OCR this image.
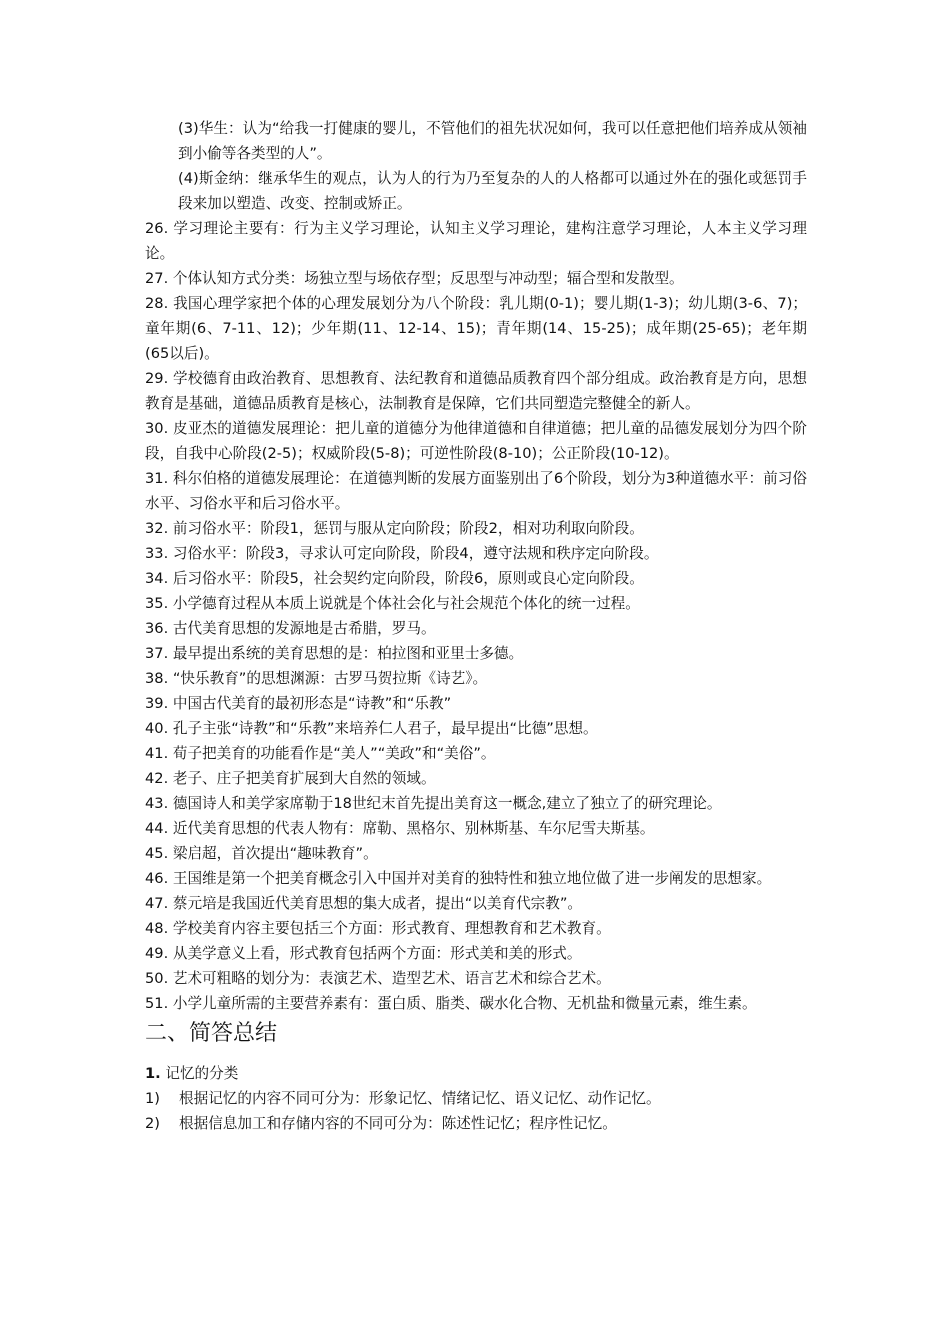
(3)华生：认为“给我一打健康的婴儿，不管他们的祖先状况如何，我可以任意把他们培养成从领袖到小偷等各类型的人”。

(4)斯金纳：继承华生的观点，认为人的行为乃至复杂的人的人格都可以通过外在的强化或惩罚手段来加以塑造、改变、控制或矫正。

26. 学习理论主要有：行为主义学习理论，认知主义学习理论，建构注意学习理论，人本主义学习理论。

27. 个体认知方式分类：场独立型与场依存型；反思型与冲动型；辐合型和发散型。

28. 我国心理学家把个体的心理发展划分为八个阶段：乳儿期(0-1)；婴儿期(1-3)；幼儿期(3-6、7)；童年期(6、7-11、12)；少年期(11、12-14、15)；青年期(14、15-25)；成年期(25-65)；老年期(65以后)。

29. 学校德育由政治教育、思想教育、法纪教育和道德品质教育四个部分组成。政治教育是方向，思想教育是基础，道德品质教育是核心，法制教育是保障，它们共同塑造完整健全的新人。

30. 皮亚杰的道德发展理论：把儿童的道德分为他律道德和自律道德；把儿童的品德发展划分为四个阶段，自我中心阶段(2-5)；权威阶段(5-8)；可逆性阶段(8-10)；公正阶段(10-12)。

31. 科尔伯格的道德发展理论：在道德判断的发展方面鉴别出了6个阶段，划分为3种道德水平：前习俗水平、习俗水平和后习俗水平。

32. 前习俗水平：阶段1，惩罚与服从定向阶段；阶段2，相对功利取向阶段。

33. 习俗水平：阶段3，寻求认可定向阶段，阶段4，遵守法规和秩序定向阶段。

34. 后习俗水平：阶段5，社会契约定向阶段，阶段6，原则或良心定向阶段。

35. 小学德育过程从本质上说就是个体社会化与社会规范个体化的统一过程。

36. 古代美育思想的发源地是古希腊，罗马。

37. 最早提出系统的美育思想的是：柏拉图和亚里士多德。

38. “快乐教育”的思想渊源：古罗马贺拉斯《诗艺》。

39. 中国古代美育的最初形态是“诗教”和“乐教”

40. 孔子主张“诗教”和“乐教”来培养仁人君子，最早提出“比德”思想。

41. 荀子把美育的功能看作是“美人”“美政”和“美俗”。

42. 老子、庄子把美育扩展到大自然的领域。

43. 德国诗人和美学家席勒于18世纪末首先提出美育这一概念,建立了独立了的研究理论。

44. 近代美育思想的代表人物有：席勒、黑格尔、别林斯基、车尔尼雪夫斯基。

45. 梁启超，首次提出“趣味教育”。

46. 王国维是第一个把美育概念引入中国并对美育的独特性和独立地位做了进一步阐发的思想家。

47. 蔡元培是我国近代美育思想的集大成者，提出“以美育代宗教”。

48. 学校美育内容主要包括三个方面：形式教育、理想教育和艺术教育。

49. 从美学意义上看，形式教育包括两个方面：形式美和美的形式。

50. 艺术可粗略的划分为：表演艺术、造型艺术、语言艺术和综合艺术。

51. 小学儿童所需的主要营养素有：蛋白质、脂类、碳水化合物、无机盐和微量元素，维生素。

二、简答总结

1. 记忆的分类

1) 根据记忆的内容不同可分为：形象记忆、情绪记忆、语义记忆、动作记忆。

2) 根据信息加工和存储内容的不同可分为：陈述性记忆；程序性记忆。
